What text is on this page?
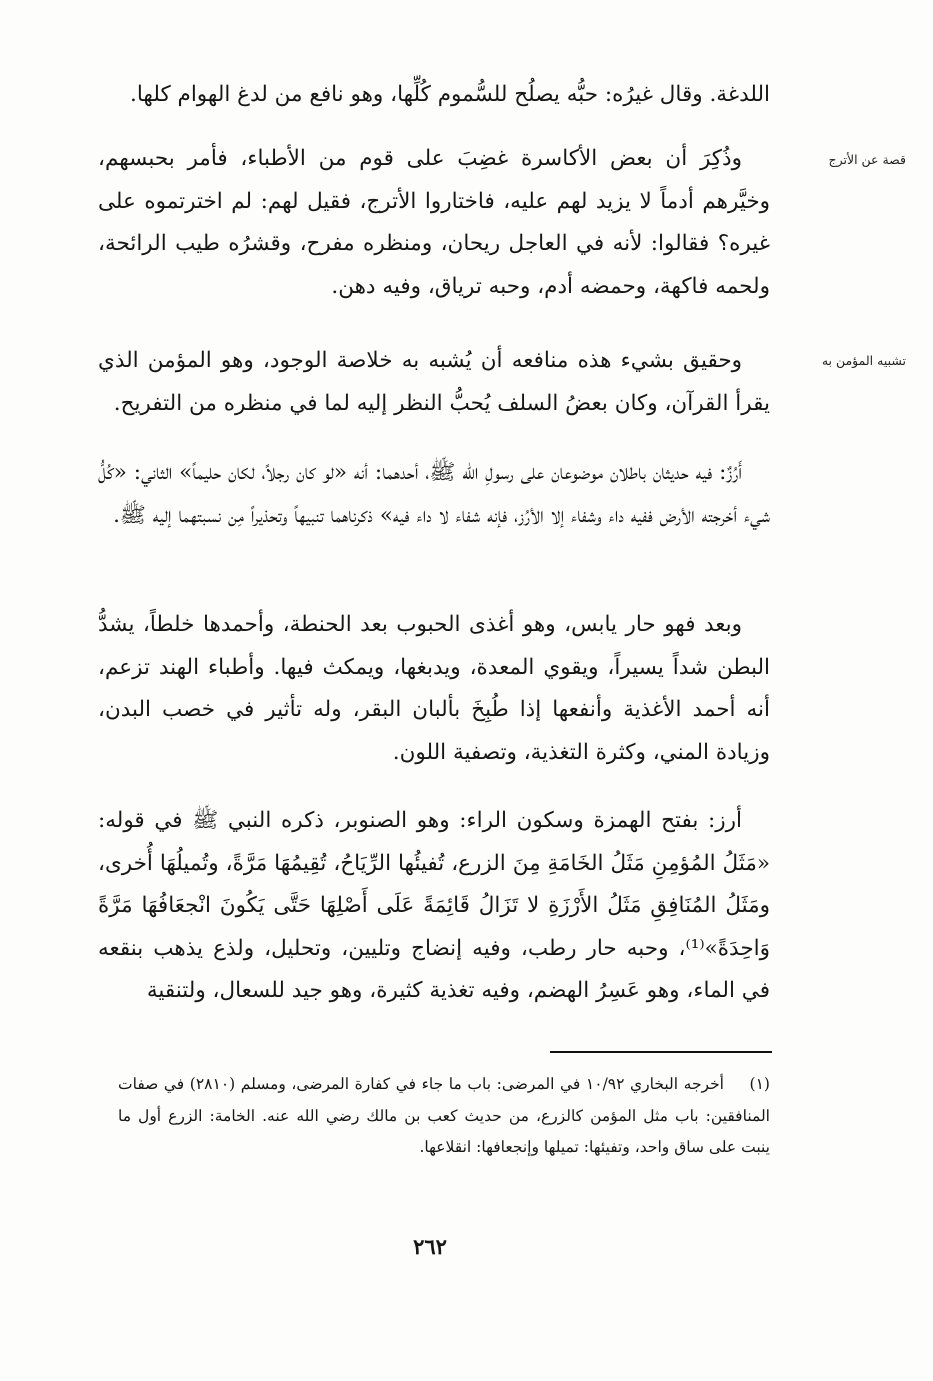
اللدغة. وقال غيرُه: حبُّه يصلُح للسُّموم كُلِّها، وهو نافع من لدغ الهوام كلها.

قصة عن الأترج

وذُكِرَ أن بعض الأكاسرة غضِبَ على قوم من الأطباء، فأمر بحبسهم، وخيَّرهم أدماً لا يزيد لهم عليه، فاختاروا الأترج، فقيل لهم: لم اخترتموه على غيره؟ فقالوا: لأنه في العاجل ريحان، ومنظره مفرح، وقشرُه طيب الرائحة، ولحمه فاكهة، وحمضه أدم، وحبه ترياق، وفيه دهن.

تشبيه المؤمن به

وحقيق بشيء هذه منافعه أن يُشبه به خلاصة الوجود، وهو المؤمن الذي يقرأ القرآن، وكان بعضُ السلف يُحبُّ النظر إليه لما في منظره من التفريح.

أَرُزٌ: فيه حديثان باطلان موضوعان على رسولِ الله ﷺ، أحدهما: أنه «لو كان رجلاً، لكان حليماً» الثاني: «كُلُّ شيء أخرجته الأرض ففيه داء وشفاء إلا الأرُز، فإنه شفاء لا داء فيه» ذكرناهما تنبيهاً وتحذيراً مِن نسبتهما إليه ﷺ.

وبعد فهو حار يابس، وهو أغذى الحبوب بعد الحنطة، وأحمدها خلطاً، يشدُّ البطن شداً يسيراً، ويقوي المعدة، ويدبغها، ويمكث فيها. وأطباء الهند تزعم، أنه أحمد الأغذية وأنفعها إذا طُبِخَ بألبان البقر، وله تأثير في خصب البدن، وزيادة المني، وكثرة التغذية، وتصفية اللون.

أرز: بفتح الهمزة وسكون الراء: وهو الصنوبر، ذكره النبي ﷺ في قوله: «مَثَلُ المُؤمِنِ مَثَلُ الخَامَةِ مِنَ الزرع، تُفيئُها الرِّيَاحُ، تُقِيمُهَا مَرَّةً، وتُميلُهَا أُخرى، ومَثَلُ المُنَافِقِ مَثَلُ الأَرْزَةِ لا تَزَالُ قَائِمَةً عَلَى أَصْلِهَا حَتَّى يَكُونَ انْجعَافُهَا مَرَّةً وَاحِدَةً»⁽¹⁾، وحبه حار رطب، وفيه إنضاج وتليين، وتحليل، ولذع يذهب بنقعه في الماء، وهو عَسِرُ الهضم، وفيه تغذية كثيرة، وهو جيد للسعال، ولتنقية

(١)أخرجه البخاري ١٠/٩٢ في المرضى: باب ما جاء في كفارة المرضى، ومسلم (٢٨١٠) في صفات المنافقين: باب مثل المؤمن كالزرع، من حديث كعب بن مالك رضي الله عنه. الخامة: الزرع أول ما ينبت على ساق واحد، وتفيئها: تميلها وإنجعافها: انقلاعها.
٢٦٢
